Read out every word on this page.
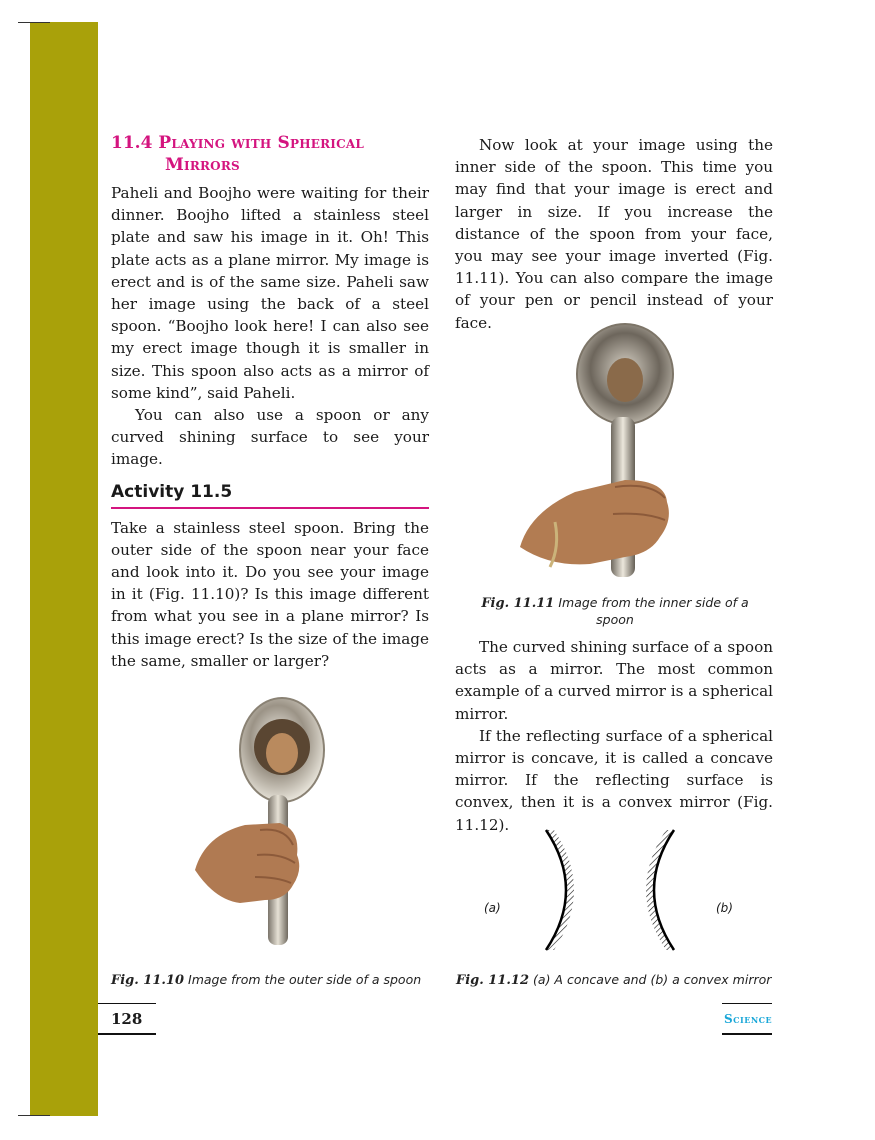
11.4 Playing with Spherical
Mirrors

Paheli and Boojho were waiting for their dinner. Boojho lifted a stainless steel plate and saw his image in it. Oh! This plate acts as a plane mirror. My image is erect and is of the same size. Paheli saw her image using the back of a steel spoon. “Boojho look here! I can also see my erect image though it is smaller in size. This spoon also acts as a mirror of some kind”, said Paheli.

You can also use a spoon or any curved shining surface to see your image.

Activity 11.5

Take a stainless steel spoon. Bring the outer side of the spoon near your face and look into it. Do you see your image in it (Fig. 11.10)? Is this image different from what you see in a plane mirror? Is this image erect? Is the size of the image the same, smaller or larger?

Fig. 11.10 Image from the outer side of a spoon

Now look at your image using the inner side of the spoon. This time you may find that your image is erect and larger in size. If you increase the distance of the spoon from your face, you may see your image inverted (Fig. 11.11). You can also compare the image of your pen or pencil instead of your face.

Fig. 11.11 Image from the inner side of a spoon

The curved shining surface of a spoon acts as a mirror. The most common example of a curved mirror is a spherical mirror.

If the reflecting surface of a spherical mirror is concave, it is called a concave mirror. If the reflecting surface is convex, then it is a convex mirror (Fig. 11.12).

(a)	(b)
Fig. 11.12 (a) A concave and (b) a convex mirror
128	Science
